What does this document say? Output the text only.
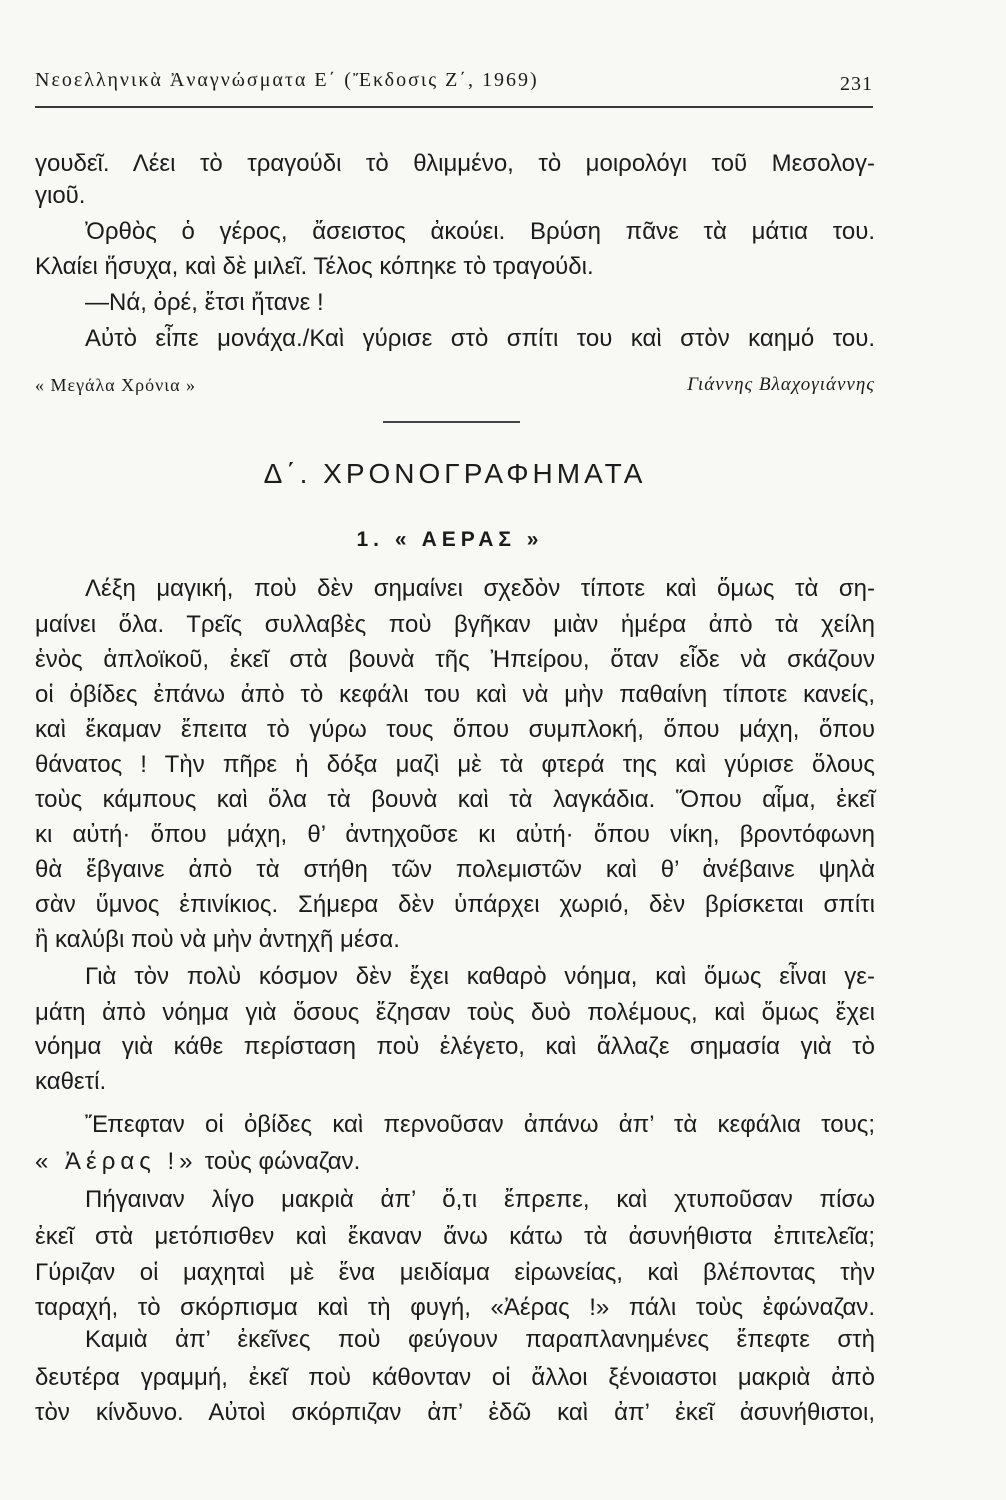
Νεοελληνικὰ Ἀναγνώσματα Ε΄ (Ἔκδοσις Ζ΄, 1969)	231
γουδεῖ. Λέει τὸ τραγούδι τὸ θλιμμένο, τὸ μοιρολόγι τοῦ Μεσολογ-
γιοῦ.
Ὀρθὸς ὁ γέρος, ἄσειστος ἀκούει. Βρύση πᾶνε τὰ μάτια του.
Κλαίει ἥσυχα, καὶ δὲ μιλεῖ. Τέλος κόπηκε τὸ τραγούδι.
—Νά, ὀρέ, ἔτσι ἤτανε !
Αὐτὸ εἶπε μονάχα./Καὶ γύρισε στὸ σπίτι του καὶ στὸν καημό του.
« Μεγάλα Χρόνια »	Γιάννης Βλαχογιάννης
Δ΄. ΧΡΟΝΟΓΡΑΦΗΜΑΤΑ
1. « ΑΕΡΑΣ »
Λέξη μαγική, ποὺ δὲν σημαίνει σχεδὸν τίποτε καὶ ὅμως τὰ ση-
μαίνει ὅλα. Τρεῖς συλλαβὲς ποὺ βγῆκαν μιὰν ἡμέρα ἀπὸ τὰ χείλη
ἑνὸς ἁπλοϊκοῦ, ἐκεῖ στὰ βουνὰ τῆς Ἠπείρου, ὅταν εἶδε νὰ σκάζουν
οἱ ὀβίδες ἐπάνω ἀπὸ τὸ κεφάλι του καὶ νὰ μὴν παθαίνη τίποτε κανείς,
καὶ ἔκαμαν ἔπειτα τὸ γύρω τους ὅπου συμπλοκή, ὅπου μάχη, ὅπου
θάνατος ! Τὴν πῆρε ἡ δόξα μαζὶ μὲ τὰ φτερά της καὶ γύρισε ὅλους
τοὺς κάμπους καὶ ὅλα τὰ βουνὰ καὶ τὰ λαγκάδια. Ὅπου αἷμα, ἐκεῖ
κι αὐτή· ὅπου μάχη, θ’ ἀντηχοῦσε κι αὐτή· ὅπου νίκη, βροντόφωνη
θὰ ἔβγαινε ἀπὸ τὰ στήθη τῶν πολεμιστῶν καὶ θ’ ἀνέβαινε ψηλὰ
σὰν ὕμνος ἐπινίκιος. Σήμερα δὲν ὑπάρχει χωριό, δὲν βρίσκεται σπίτι
ἢ καλύβι ποὺ νὰ μὴν ἀντηχῆ μέσα.
Γιὰ τὸν πολὺ κόσμον δὲν ἔχει καθαρὸ νόημα, καὶ ὅμως εἶναι γε-
μάτη ἀπὸ νόημα γιὰ ὅσους ἔζησαν τοὺς δυὸ πολέμους, καὶ ὅμως ἔχει
νόημα γιὰ κάθε περίσταση ποὺ ἐλέγετο, καὶ ἄλλαζε σημασία γιὰ τὸ
καθετί.
Ἔπεφταν οἱ ὀβίδες καὶ περνοῦσαν ἀπάνω ἀπ’ τὰ κεφάλια τους;
« Ἀέρας !» τοὺς φώναζαν.
Πήγαιναν λίγο μακριὰ ἀπ’ ὅ,τι ἔπρεπε, καὶ χτυποῦσαν πίσω
ἐκεῖ στὰ μετόπισθεν καὶ ἔκαναν ἄνω κάτω τὰ ἀσυνήθιστα ἐπιτελεῖα;
Γύριζαν οἱ μαχηταὶ μὲ ἕνα μειδίαμα εἰρωνείας, καὶ βλέποντας τὴν
ταραχή, τὸ σκόρπισμα καὶ τὴ φυγή, «Ἀέρας !» πάλι τοὺς ἐφώναζαν.
Καμιὰ ἀπ’ ἐκεῖνες ποὺ φεύγουν παραπλανημένες ἔπεφτε στὴ
δευτέρα γραμμή, ἐκεῖ ποὺ κάθονταν οἱ ἄλλοι ξένοιαστοι μακριὰ ἀπὸ
τὸν κίνδυνο. Αὐτοὶ σκόρπιζαν ἀπ’ ἐδῶ καὶ ἀπ’ ἐκεῖ ἀσυνήθιστοι,
